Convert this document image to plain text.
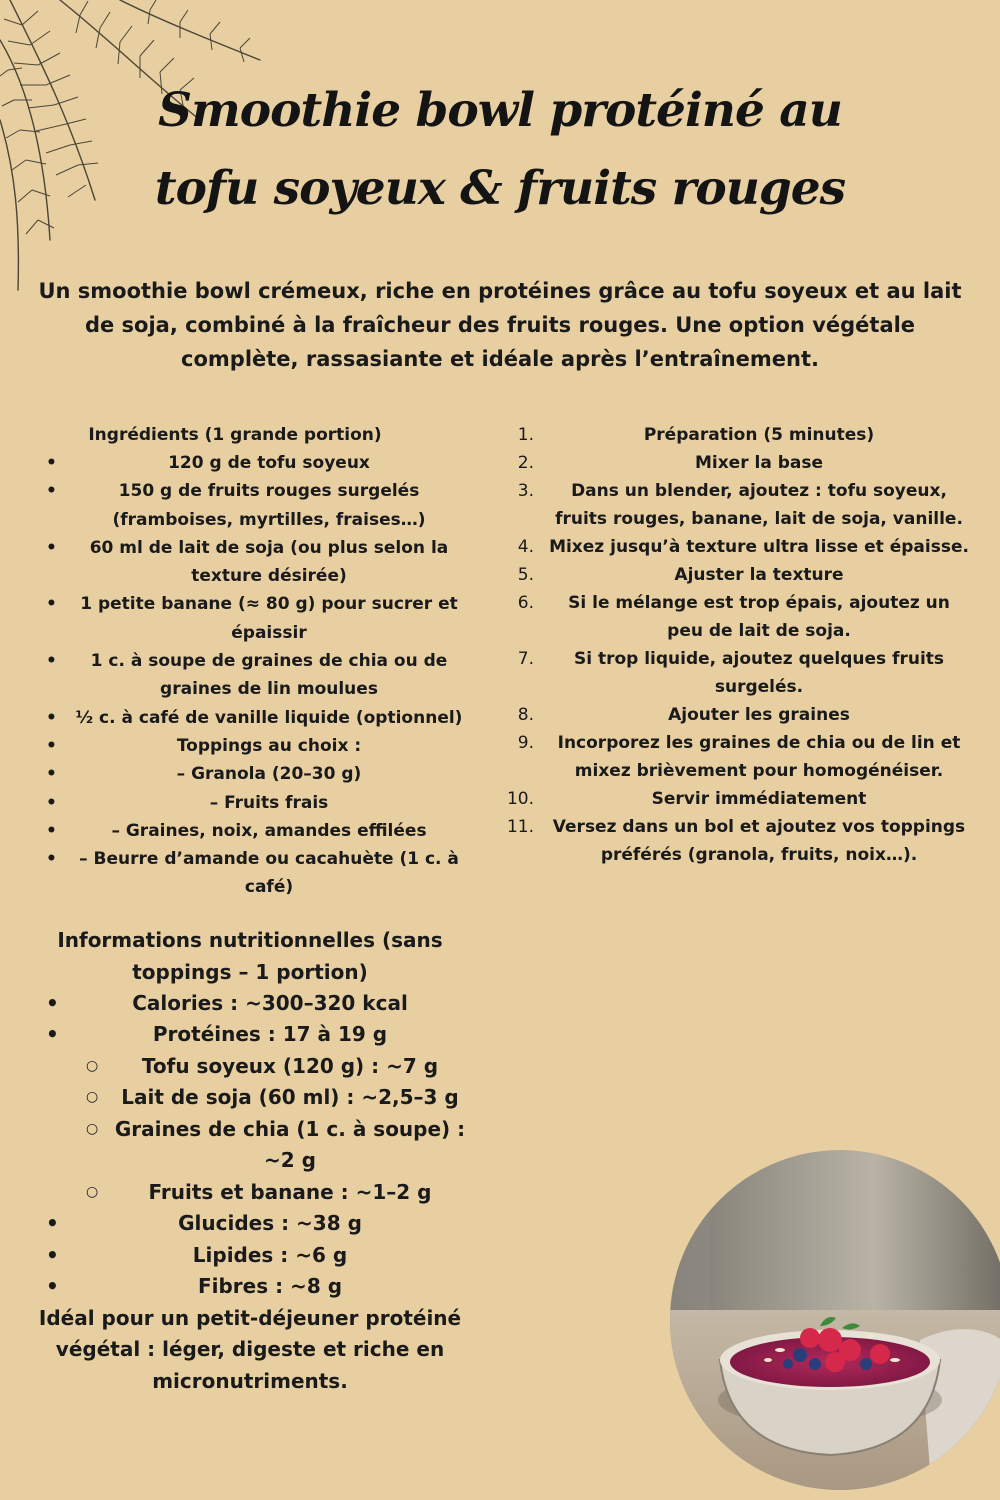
Smoothie bowl protéiné au
tofu soyeux & fruits rouges
Un smoothie bowl crémeux, riche en protéines grâce au tofu soyeux et au lait de soja, combiné à la fraîcheur des fruits rouges. Une option végétale complète, rassasiante et idéale après l’entraînement.
Ingrédients (1 grande portion)
• 120 g de tofu soyeux
• 150 g de fruits rouges surgelés (framboises, myrtilles, fraises…)
• 60 ml de lait de soja (ou plus selon la texture désirée)
• 1 petite banane (≈ 80 g) pour sucrer et épaissir
• 1 c. à soupe de graines de chia ou de graines de lin moulues
• ½ c. à café de vanille liquide (optionnel)
• Toppings au choix :
• – Granola (20–30 g)
• – Fruits frais
• – Graines, noix, amandes effilées
• – Beurre d’amande ou cacahuète (1 c. à café)
Informations nutritionnelles (sans toppings – 1 portion)
• Calories : ~300–320 kcal
• Protéines : 17 à 19 g
○ Tofu soyeux (120 g) : ~7 g
○ Lait de soja (60 ml) : ~2,5–3 g
○ Graines de chia (1 c. à soupe) : ~2 g
○ Fruits et banane : ~1–2 g
• Glucides : ~38 g
• Lipides : ~6 g
• Fibres : ~8 g
Idéal pour un petit-déjeuner protéiné végétal : léger, digeste et riche en micronutriments.
1.	Préparation (5 minutes)
2.	Mixer la base
3. Dans un blender, ajoutez : tofu soyeux, fruits rouges, banane, lait de soja, vanille.
4. Mixez jusqu’à texture ultra lisse et épaisse.
5.	Ajuster la texture
6. Si le mélange est trop épais, ajoutez un peu de lait de soja.
7. Si trop liquide, ajoutez quelques fruits surgelés.
8.	Ajouter les graines
9. Incorporez les graines de chia ou de lin et mixez brièvement pour homogénéiser.
10.	Servir immédiatement
11. Versez dans un bol et ajoutez vos toppings préférés (granola, fruits, noix…).
